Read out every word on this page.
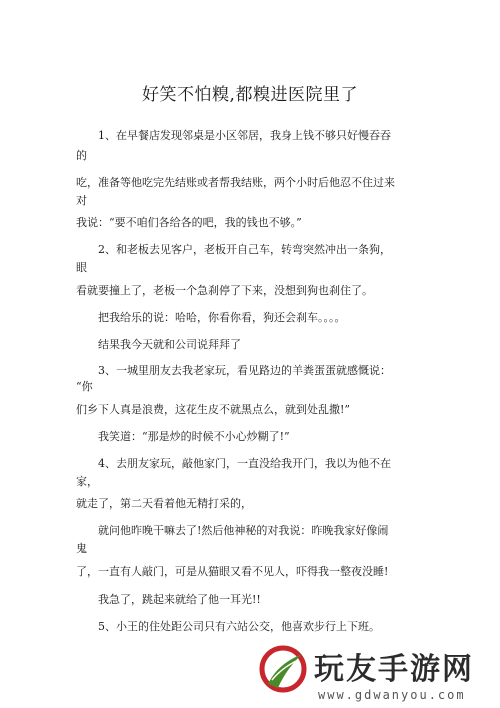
好笑不怕糗,都糗进医院里了
1、在早餐店发现邻桌是小区邻居，我身上钱不够只好慢吞吞
的
吃，准备等他吃完先结账或者帮我结账，两个小时后他忍不住过来
对
我说：“要不咱们各给各的吧，我的钱也不够。”
2、和老板去见客户，老板开自己车，转弯突然冲出一条狗，
眼
看就要撞上了，老板一个急刹停了下来，没想到狗也刹住了。
把我给乐的说：哈哈，你看你看，狗还会刹车。。。。
结果我今天就和公司说拜拜了
3、一城里朋友去我老家玩，看见路边的羊粪蛋蛋就感慨说：
“你
们乡下人真是浪费，这花生皮不就黑点么，就到处乱撒!”
我笑道：“那是炒的时候不小心炒糊了!”
4、去朋友家玩，敲他家门，一直没给我开门，我以为他不在
家，
就走了，第二天看着他无精打采的，
就问他昨晚干嘛去了!然后他神秘的对我说：昨晚我家好像闹
鬼
了，一直有人敲门，可是从猫眼又看不见人，吓得我一整夜没睡!
我急了，跳起来就给了他一耳光!!
5、小王的住处距公司只有六站公交，他喜欢步行上下班。
玩友手游网
www.gdwanyou.com
